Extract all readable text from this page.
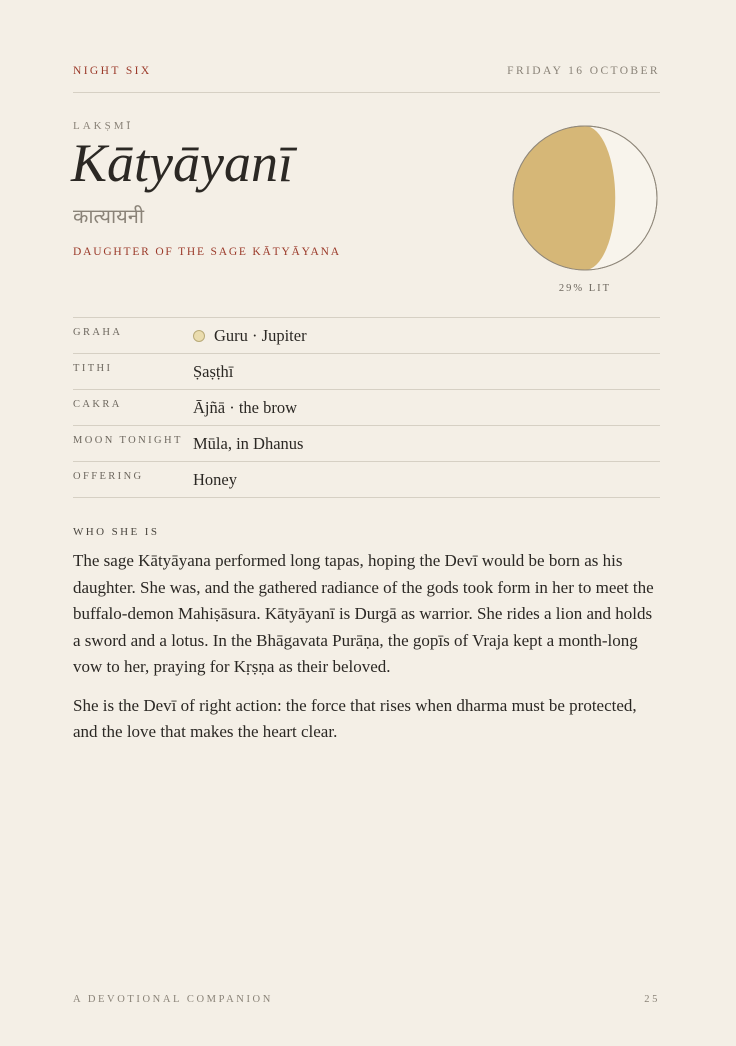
NIGHT SIX	FRIDAY 16 OCTOBER
LAKṢMĪ
Kātyāyanī
कात्यायनी
DAUGHTER OF THE SAGE KĀTYĀYANA
29% LIT
GRAHA	Guru · Jupiter
TITHI	Ṣaṣṭhī
CAKRA	Ājñā · the brow
MOON TONIGHT Mūla, in Dhanus
OFFERING	Honey
WHO SHE IS

The sage Kātyāyana performed long tapas, hoping the Devī would be born as his daughter. She was, and the gathered radiance of the gods took form in her to meet the buffalo-demon Mahiṣāsura. Kātyāyanī is Durgā as warrior. She rides a lion and holds a sword and a lotus. In the Bhāgavata Purāṇa, the gopīs of Vraja kept a month-long vow to her, praying for Kṛṣṇa as their beloved.

She is the Devī of right action: the force that rises when dharma must be protected, and the love that makes the heart clear.

A DEVOTIONAL COMPANION	25
